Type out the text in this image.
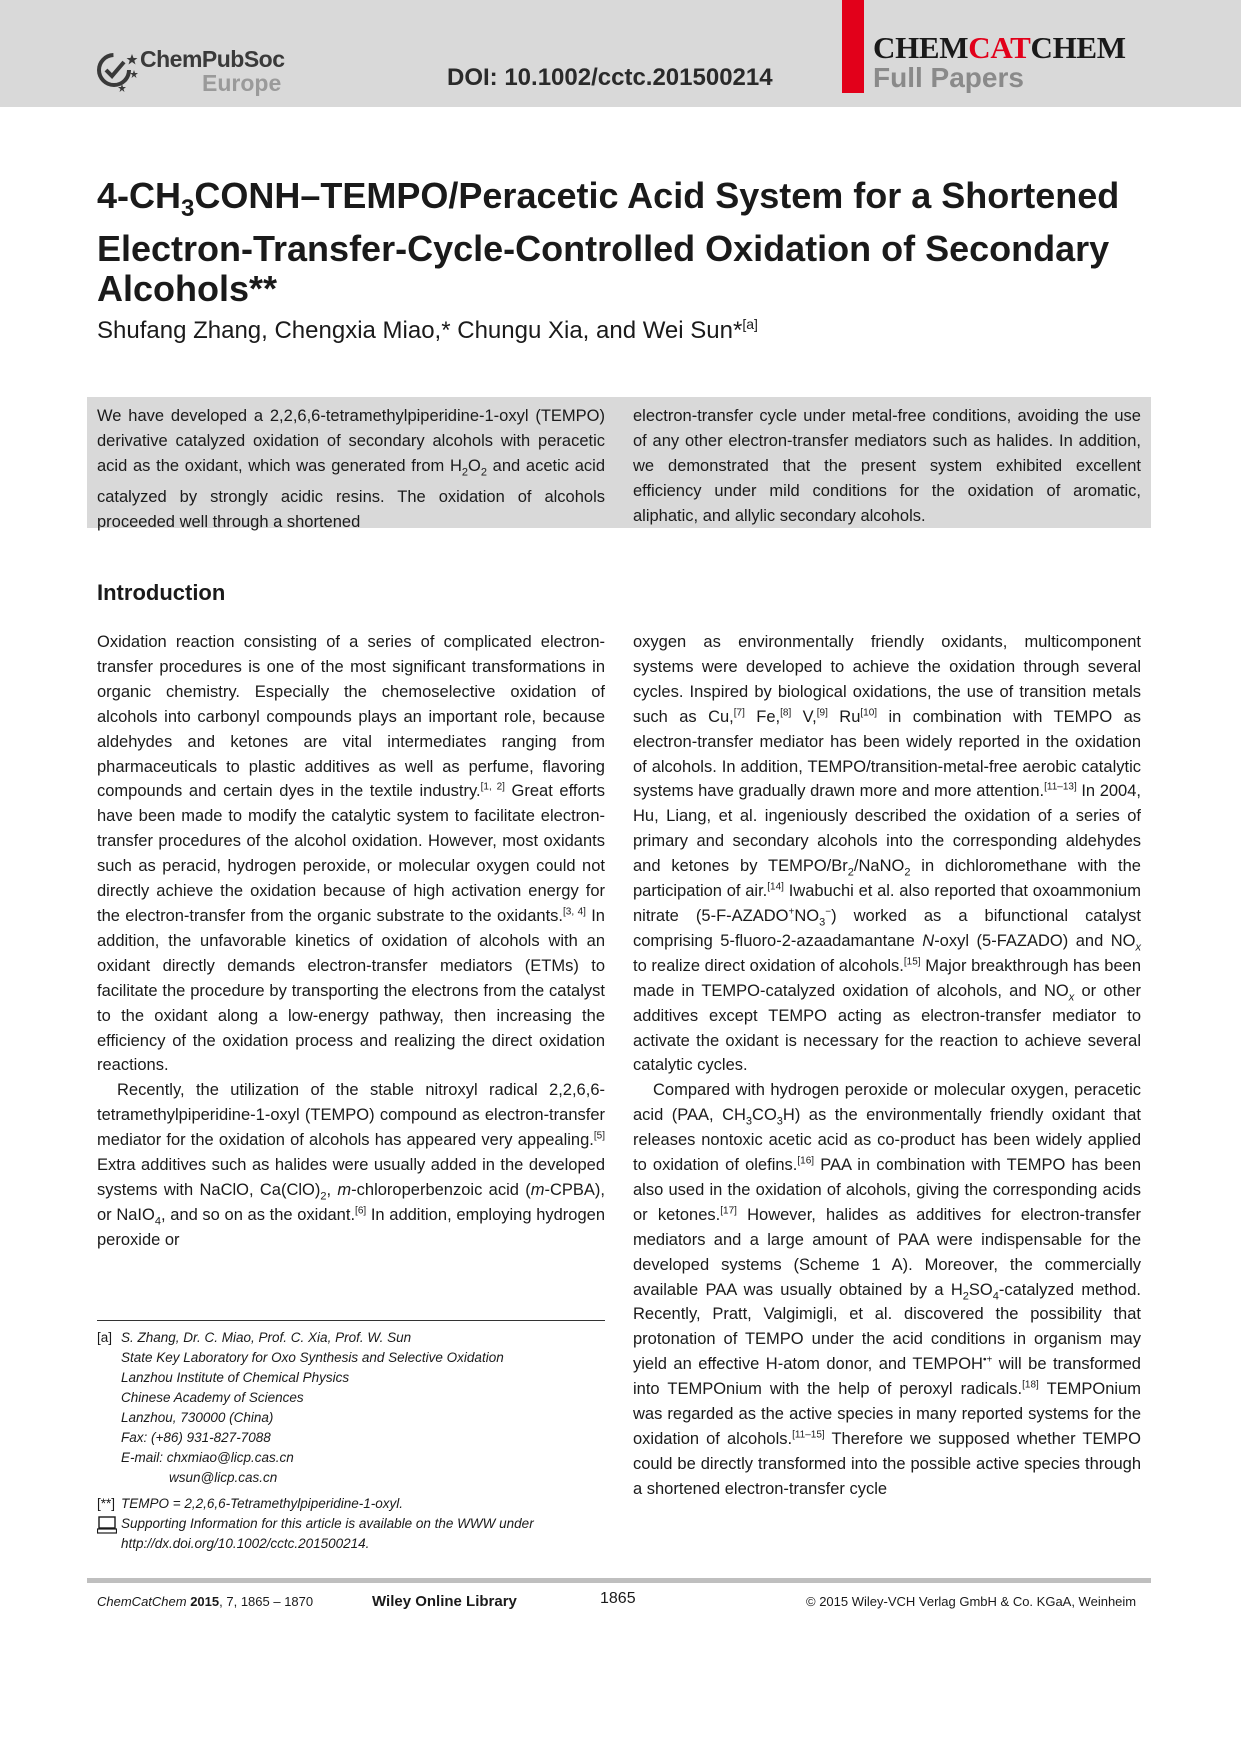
ChemPubSoc
Europe	DOI: 10.1002/cctc.201500214
CHEMCATCHEM
Full Papers
$4-CH_3CONH-TEMPO$/Peracetic Acid System for a Shortened Electron-Transfer-Cycle-Controlled Oxidation of Secondary Alcohols**
Shufang Zhang, Chengxia Miao,* Chungu Xia, and Wei Sun*[a]
We have developed a 2,2,6,6-tetramethylpiperidine-1-oxyl (TEMPO) derivative catalyzed oxidation of secondary alcohols with peracetic acid as the oxidant, which was generated from $H_2O_2$ and acetic acid catalyzed by strongly acidic resins. The oxidation of alcohols proceeded well through a shortened
electron-transfer cycle under metal-free conditions, avoiding the use of any other electron-transfer mediators such as halides. In addition, we demonstrated that the present system exhibited excellent efficiency under mild conditions for the oxidation of aromatic, aliphatic, and allylic secondary alcohols.
Introduction

Oxidation reaction consisting of a series of complicated electron-transfer procedures is one of the most significant transformations in organic chemistry. Especially the chemoselective oxidation of alcohols into carbonyl compounds plays an important role, because aldehydes and ketones are vital intermediates ranging from pharmaceuticals to plastic additives as well as perfume, flavoring compounds and certain dyes in the textile industry.[1, 2] Great efforts have been made to modify the catalytic system to facilitate electron-transfer procedures of the alcohol oxidation. However, most oxidants such as peracid, hydrogen peroxide, or molecular oxygen could not directly achieve the oxidation because of high activation energy for the electron-transfer from the organic substrate to the oxidants.[3, 4] In addition, the unfavorable kinetics of oxidation of alcohols with an oxidant directly demands electron-transfer mediators (ETMs) to facilitate the procedure by transporting the electrons from the catalyst to the oxidant along a low-energy pathway, then increasing the efficiency of the oxidation process and realizing the direct oxidation reactions.

Recently, the utilization of the stable nitroxyl radical 2,2,6,6-tetramethylpiperidine-1-oxyl (TEMPO) compound as electron-transfer mediator for the oxidation of alcohols has appeared very appealing.[5] Extra additives such as halides were usually added in the developed systems with NaClO, $Ca(ClO)_2$, m-chloroperbenzoic acid (m-CPBA), or NaIO$_4$, and so on as the oxidant.[6] In addition, employing hydrogen peroxide or

oxygen as environmentally friendly oxidants, multicomponent systems were developed to achieve the oxidation through several cycles. Inspired by biological oxidations, the use of transition metals such as Cu,[7] Fe,[8] V,[9] Ru[10] in combination with TEMPO as electron-transfer mediator has been widely reported in the oxidation of alcohols. In addition, TEMPO/transition-metal-free aerobic catalytic systems have gradually drawn more and more attention.[11–13] In 2004, Hu, Liang, et al. ingeniously described the oxidation of a series of primary and secondary alcohols into the corresponding aldehydes and ketones by TEMPO/$Br_2/NaNO_2$ in dichloromethane with the participation of air.[14] Iwabuchi et al. also reported that oxoammonium nitrate $(5-F-AZADO^+NO_3^-)$ worked as a bifunctional catalyst comprising 5-fluoro-2-azaadamantane N-oxyl (5-FAZADO) and $NO_x$ to realize direct oxidation of alcohols.[15] Major breakthrough has been made in TEMPO-catalyzed oxidation of alcohols, and $NO_x$ or other additives except TEMPO acting as electron-transfer mediator to activate the oxidant is necessary for the reaction to achieve several catalytic cycles.

Compared with hydrogen peroxide or molecular oxygen, peracetic acid (PAA, $CH_3CO_3H$) as the environmentally friendly oxidant that releases nontoxic acetic acid as co-product has been widely applied to oxidation of olefins.[16] PAA in combination with TEMPO has been also used in the oxidation of alcohols, giving the corresponding acids or ketones.[17] However, halides as additives for electron-transfer mediators and a large amount of PAA were indispensable for the developed systems (Scheme 1 A). Moreover, the commercially available PAA was usually obtained by a $H_2SO_4$-catalyzed method. Recently, Pratt, Valgimigli, et al. discovered the possibility that protonation of TEMPO under the acid conditions in organism may yield an effective H-atom donor, and TEMPOH•+ will be transformed into TEMPOnium with the help of peroxyl radicals.[18] TEMPOnium was regarded as the active species in many reported systems for the oxidation of alcohols.[11–15] Therefore we supposed whether TEMPO could be directly transformed into the possible active species through a shortened electron-transfer cycle

[a] S. Zhang, Dr. C. Miao, Prof. C. Xia, Prof. W. Sun
State Key Laboratory for Oxo Synthesis and Selective Oxidation
Lanzhou Institute of Chemical Physics
Chinese Academy of Sciences
Lanzhou, 730000 (China)
Fax: (+86) 931-827-7088
E-mail: chxmiao@licp.cas.cn
wsun@licp.cas.cn
[**] TEMPO = 2,2,6,6-Tetramethylpiperidine-1-oxyl.
Supporting Information for this article is available on the WWW under
http://dx.doi.org/10.1002/cctc.201500214.
ChemCatChem 2015, 7, 1865 – 1870	Wiley Online Library	1865	© 2015 Wiley-VCH Verlag GmbH & Co. KGaA, Weinheim
